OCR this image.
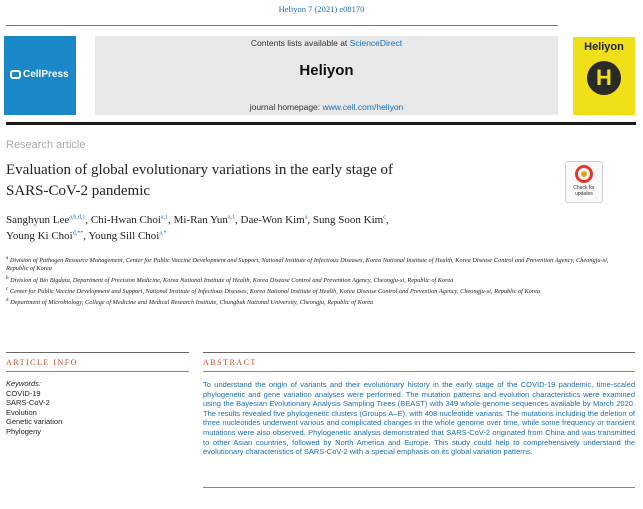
Heliyon 7 (2021) e08170
CellPress
Contents lists available at ScienceDirect
Heliyon
journal homepage: www.cell.com/heliyon
Heliyon
H
Research article
Evaluation of global evolutionary variations in the early stage of
SARS-CoV-2 pandemic	Check for
updates
Sanghyun Lee$^{a,b,d,1}$, Chi-Hwan Choi$^{a,1}$, Mi-Ran Yun$^{a,1}$, Dae-Won Kim$^a$, Sung Soon Kim$^c$,
Young Ki Choi$^{d,**}$, Young Sill Choi$^{a,*}$
$^a$ Division of Pathogen Resource Management, Center for Public Vaccine Development and Support, National Institute of Infectious Diseases, Korea National Institute of Health, Korea Disease Control and Prevention Agency, Cheongju-si, Republic of Korea
$^b$ Division of Bio Bigdata, Department of Precision Medicine, Korea National Institute of Health, Korea Disease Control and Prevention Agency, Cheongju-si, Republic of Korea
$^c$ Center for Public Vaccine Development and Support, National Institute of Infectious Diseases, Korea National Institute of Health, Korea Disease Control and Prevention Agency, Cheongju-si, Republic of Korea
$^d$ Department of Microbiology, College of Medicine and Medical Research Institute, Chungbuk National University, Cheongju, Republic of Korea
ARTICLE INFO	ABSTRACT
Keywords:
COVID-19
SARS-CoV-2
Evolution
Genetic variation
Phylogeny
To understand the origin of variants and their evolutionary history in the early stage of the COVID-19 pandemic, time-scaled phylogenetic and gene variation analyses were performed. The mutation patterns and evolution characteristics were examined using the Bayesian Evolutionary Analysis Sampling Trees (BEAST) with 349 whole-genome sequences available by March 2020. The results revealed five phylogenetic clusters (Groups A–E), with 408 nucleotide variants. The mutations including the deletion of three nucleotides underwent various and complicated changes in the whole genome over time, while some frequency or transient mutations were also observed. Phylogenetic analysis demonstrated that SARS-CoV-2 originated from China and was transmitted to other Asian countries, followed by North America and Europe. This study could help to comprehensively understand the evolutionary characteristics of SARS-CoV-2 with a special emphasis on its global variation patterns.
